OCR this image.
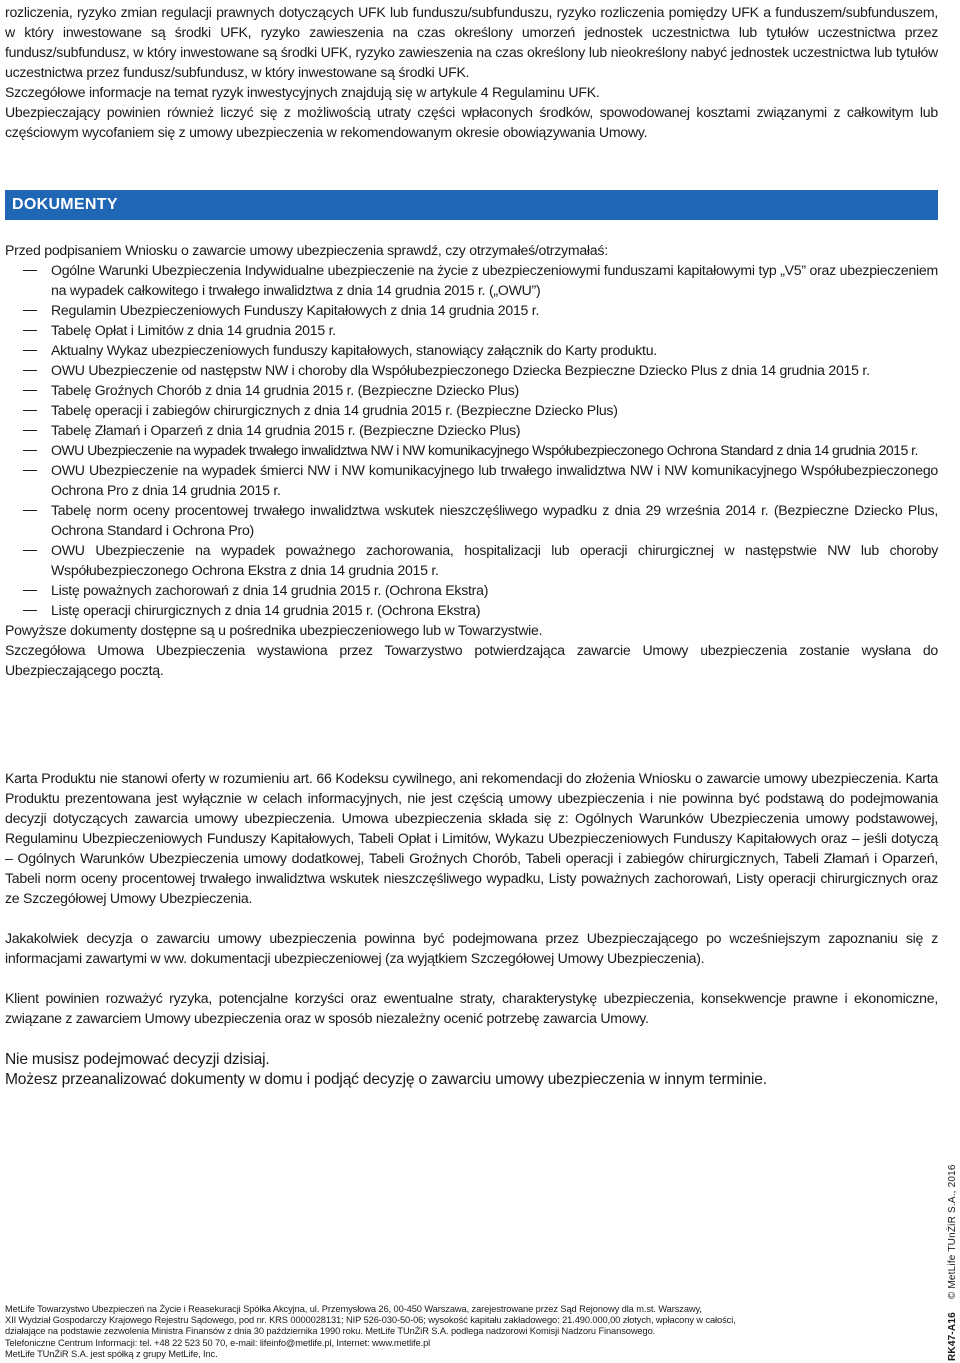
rozliczenia, ryzyko zmian regulacji prawnych dotyczących UFK lub funduszu/subfunduszu, ryzyko rozliczenia pomiędzy UFK a funduszem/subfunduszem, w który inwestowane są środki UFK, ryzyko zawieszenia na czas określony umorzeń jednostek uczestnictwa lub tytułów uczestnictwa przez fundusz/subfundusz, w który inwestowane są środki UFK, ryzyko zawieszenia na czas określony lub nieokreślony nabyć jednostek uczestnictwa lub tytułów uczestnictwa przez fundusz/subfundusz, w który inwestowane są środki UFK.

Szczegółowe informacje na temat ryzyk inwestycyjnych znajdują się w artykule 4 Regulaminu UFK.

Ubezpieczający powinien również liczyć się z możliwością utraty części wpłaconych środków, spowodowanej kosztami związanymi z całkowitym lub częściowym wycofaniem się z umowy ubezpieczenia w rekomendowanym okresie obowiązywania Umowy.

DOKUMENTY

Przed podpisaniem Wniosku o zawarcie umowy ubezpieczenia sprawdź, czy otrzymałeś/otrzymałaś:

Ogólne Warunki Ubezpieczenia Indywidualne ubezpieczenie na życie z ubezpieczeniowymi funduszami kapitałowymi typ „V5” oraz ubezpieczeniem na wypadek całkowitego i trwałego inwalidztwa z dnia 14 grudnia 2015 r. („OWU”)
Regulamin Ubezpieczeniowych Funduszy Kapitałowych z dnia 14 grudnia 2015 r.
Tabelę Opłat i Limitów z dnia 14 grudnia 2015 r.
Aktualny Wykaz ubezpieczeniowych funduszy kapitałowych, stanowiący załącznik do Karty produktu.
OWU Ubezpieczenie od następstw NW i choroby dla Współubezpieczonego Dziecka Bezpieczne Dziecko Plus z dnia 14 grudnia 2015 r.
Tabelę Groźnych Chorób z dnia 14 grudnia 2015 r. (Bezpieczne Dziecko Plus)
Tabelę operacji i zabiegów chirurgicznych z dnia 14 grudnia 2015 r. (Bezpieczne Dziecko Plus)
Tabelę Złamań i Oparzeń z dnia 14 grudnia 2015 r. (Bezpieczne Dziecko Plus)
OWU Ubezpieczenie na wypadek trwałego inwalidztwa NW i NW komunikacyjnego Współubezpieczonego Ochrona Standard z dnia 14 grudnia 2015 r.
OWU Ubezpieczenie na wypadek śmierci NW i NW komunikacyjnego lub trwałego inwalidztwa NW i NW komunikacyjnego Współubezpieczonego Ochrona Pro z dnia 14 grudnia 2015 r.
Tabelę norm oceny procentowej trwałego inwalidztwa wskutek nieszczęśliwego wypadku z dnia 29 września 2014 r. (Bezpieczne Dziecko Plus, Ochrona Standard i Ochrona Pro)
OWU Ubezpieczenie na wypadek poważnego zachorowania, hospitalizacji lub operacji chirurgicznej w następstwie NW lub choroby Współubezpieczonego Ochrona Ekstra z dnia 14 grudnia 2015 r.
Listę poważnych zachorowań z dnia 14 grudnia 2015 r. (Ochrona Ekstra)
Listę operacji chirurgicznych z dnia 14 grudnia 2015 r. (Ochrona Ekstra)

Powyższe dokumenty dostępne są u pośrednika ubezpieczeniowego lub w Towarzystwie.

Szczegółowa Umowa Ubezpieczenia wystawiona przez Towarzystwo potwierdzająca zawarcie Umowy ubezpieczenia zostanie wysłana do Ubezpieczającego pocztą.

Karta Produktu nie stanowi oferty w rozumieniu art. 66 Kodeksu cywilnego, ani rekomendacji do złożenia Wniosku o zawarcie umowy ubezpieczenia. Karta Produktu prezentowana jest wyłącznie w celach informacyjnych, nie jest częścią umowy ubezpieczenia i nie powinna być podstawą do podejmowania decyzji dotyczących zawarcia umowy ubezpieczenia. Umowa ubezpieczenia składa się z: Ogólnych Warunków Ubezpieczenia umowy podstawowej, Regulaminu Ubezpieczeniowych Funduszy Kapitałowych, Tabeli Opłat i Limitów, Wykazu Ubezpieczeniowych Funduszy Kapitałowych oraz – jeśli dotyczą – Ogólnych Warunków Ubezpieczenia umowy dodatkowej, Tabeli Groźnych Chorób, Tabeli operacji i zabiegów chirurgicznych, Tabeli Złamań i Oparzeń, Tabeli norm oceny procentowej trwałego inwalidztwa wskutek nieszczęśliwego wypadku, Listy poważnych zachorowań, Listy operacji chirurgicznych oraz ze Szczegółowej Umowy Ubezpieczenia.

Jakakolwiek decyzja o zawarciu umowy ubezpieczenia powinna być podejmowana przez Ubezpieczającego po wcześniejszym zapoznaniu się z informacjami zawartymi w ww. dokumentacji ubezpieczeniowej (za wyjątkiem Szczegółowej Umowy Ubezpieczenia).

Klient powinien rozważyć ryzyka, potencjalne korzyści oraz ewentualne straty, charakterystykę ubezpieczenia, konsekwencje prawne i ekonomiczne, związane z zawarciem Umowy ubezpieczenia oraz w sposób niezależny ocenić potrzebę zawarcia Umowy.

Nie musisz podejmować decyzji dzisiaj.
Możesz przeanalizować dokumenty w domu i podjąć decyzję o zawarciu umowy ubezpieczenia w innym terminie.
MetLife Towarzystwo Ubezpieczeń na Życie i Reasekuracji Spółka Akcyjna, ul. Przemysłowa 26, 00-450 Warszawa, zarejestrowane przez Sąd Rejonowy dla m.st. Warszawy,
XII Wydział Gospodarczy Krajowego Rejestru Sądowego, pod nr. KRS 0000028131; NIP 526-030-50-06; wysokość kapitału zakładowego: 21.490.000,00 złotych, wpłacony w całości,
działające na podstawie zezwolenia Ministra Finansów z dnia 30 października 1990 roku. MetLife TUnŻiR S.A. podlega nadzorowi Komisji Nadzoru Finansowego.
Telefoniczne Centrum Informacji: tel. +48 22 523 50 70, e-mail: lifeinfo@metlife.pl, Internet: www.metlife.pl
MetLife TUnŻiR S.A. jest spółką z grupy MetLife, Inc.	RK47-A16 © MetLife TUnŻiR S.A., 2016
